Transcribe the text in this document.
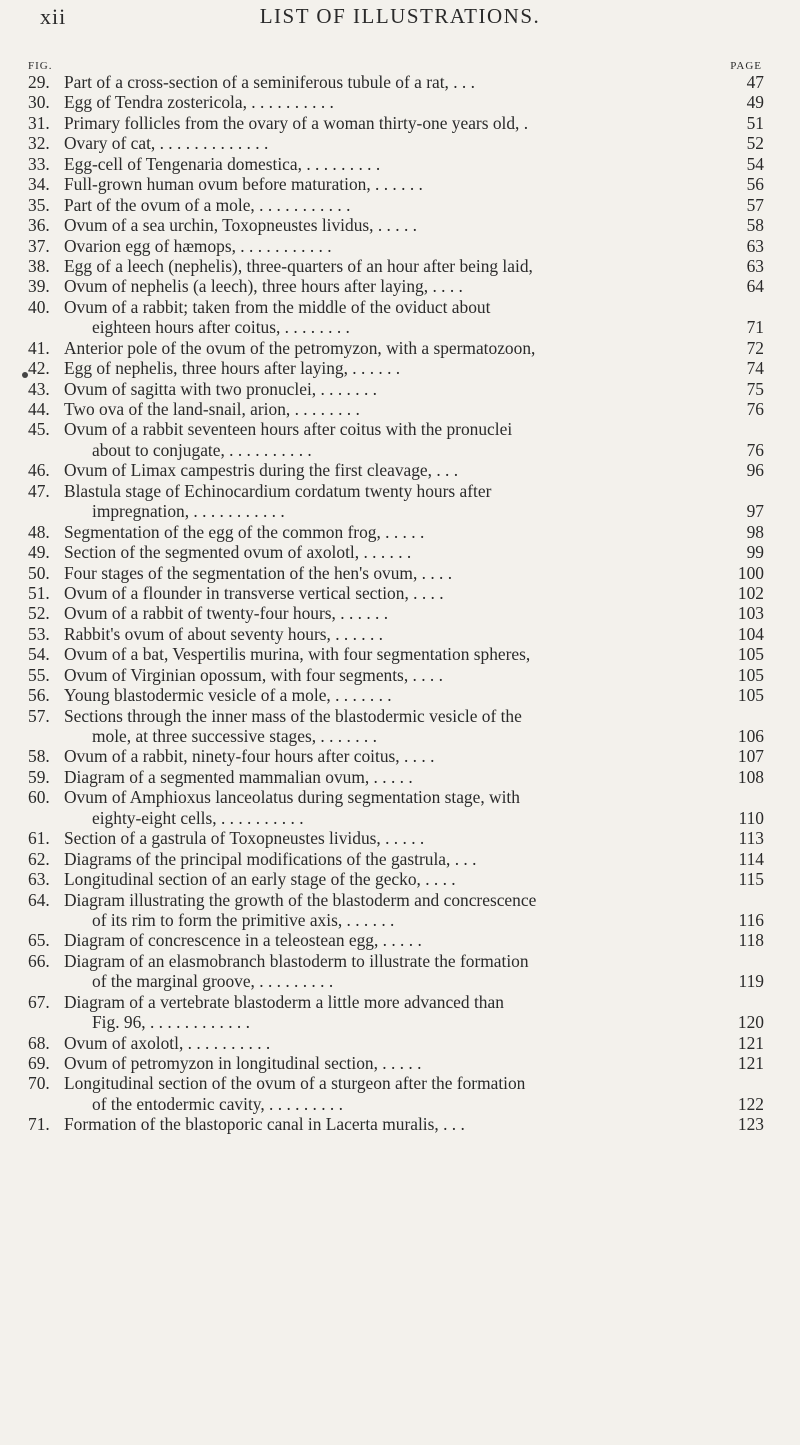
xii	LIST OF ILLUSTRATIONS.
FIG.	PAGE
29. Part of a cross-section of a seminiferous tubule of a rat, . . .	47
30. Egg of Tendra zostericola, . . . . . . . . . .	49
31. Primary follicles from the ovary of a woman thirty-one years old, .	51
32. Ovary of cat, . . . . . . . . . . . . .	52
33. Egg-cell of Tengenaria domestica, . . . . . . . . .	54
34. Full-grown human ovum before maturation, . . . . . .	56
35. Part of the ovum of a mole, . . . . . . . . . . .	57
36. Ovum of a sea urchin, Toxopneustes lividus, . . . . .	58
37. Ovarion egg of hæmops, . . . . . . . . . . .	63
38. Egg of a leech (nephelis), three-quarters of an hour after being laid,	63
39. Ovum of nephelis (a leech), three hours after laying, . . . .	64
40. Ovum of a rabbit; taken from the middle of the oviduct about
eighteen hours after coitus, . . . . . . . .	71
41. Anterior pole of the ovum of the petromyzon, with a spermatozoon,	72
42. Egg of nephelis, three hours after laying, . . . . . .	74
43. Ovum of sagitta with two pronuclei, . . . . . . .	75
44. Two ova of the land-snail, arion, . . . . . . . .	76
45. Ovum of a rabbit seventeen hours after coitus with the pronuclei
about to conjugate, . . . . . . . . . .	76
46. Ovum of Limax campestris during the first cleavage, . . .	96
47. Blastula stage of Echinocardium cordatum twenty hours after
impregnation, . . . . . . . . . . .	97
48. Segmentation of the egg of the common frog, . . . . .	98
49. Section of the segmented ovum of axolotl, . . . . . .	99
50. Four stages of the segmentation of the hen's ovum, . . . .	100
51. Ovum of a flounder in transverse vertical section, . . . .	102
52. Ovum of a rabbit of twenty-four hours, . . . . . .	103
53. Rabbit's ovum of about seventy hours, . . . . . .	104
54. Ovum of a bat, Vespertilis murina, with four segmentation spheres,	105
55. Ovum of Virginian opossum, with four segments, . . . .	105
56. Young blastodermic vesicle of a mole, . . . . . . .	105
57. Sections through the inner mass of the blastodermic vesicle of the
mole, at three successive stages, . . . . . . .	106
58. Ovum of a rabbit, ninety-four hours after coitus, . . . .	107
59. Diagram of a segmented mammalian ovum, . . . . .	108
60. Ovum of Amphioxus lanceolatus during segmentation stage, with
eighty-eight cells, . . . . . . . . . .	110
61. Section of a gastrula of Toxopneustes lividus, . . . . .	113
62. Diagrams of the principal modifications of the gastrula, . . .	114
63. Longitudinal section of an early stage of the gecko, . . . .	115
64. Diagram illustrating the growth of the blastoderm and concrescence
of its rim to form the primitive axis, . . . . . .	116
65. Diagram of concrescence in a teleostean egg, . . . . .	118
66. Diagram of an elasmobranch blastoderm to illustrate the formation
of the marginal groove, . . . . . . . . .	119
67. Diagram of a vertebrate blastoderm a little more advanced than
Fig. 96, . . . . . . . . . . . .	120
68. Ovum of axolotl, . . . . . . . . . .	121
69. Ovum of petromyzon in longitudinal section, . . . . .	121
70. Longitudinal section of the ovum of a sturgeon after the formation
of the entodermic cavity, . . . . . . . . .	122
71. Formation of the blastoporic canal in Lacerta muralis, . . .	123
